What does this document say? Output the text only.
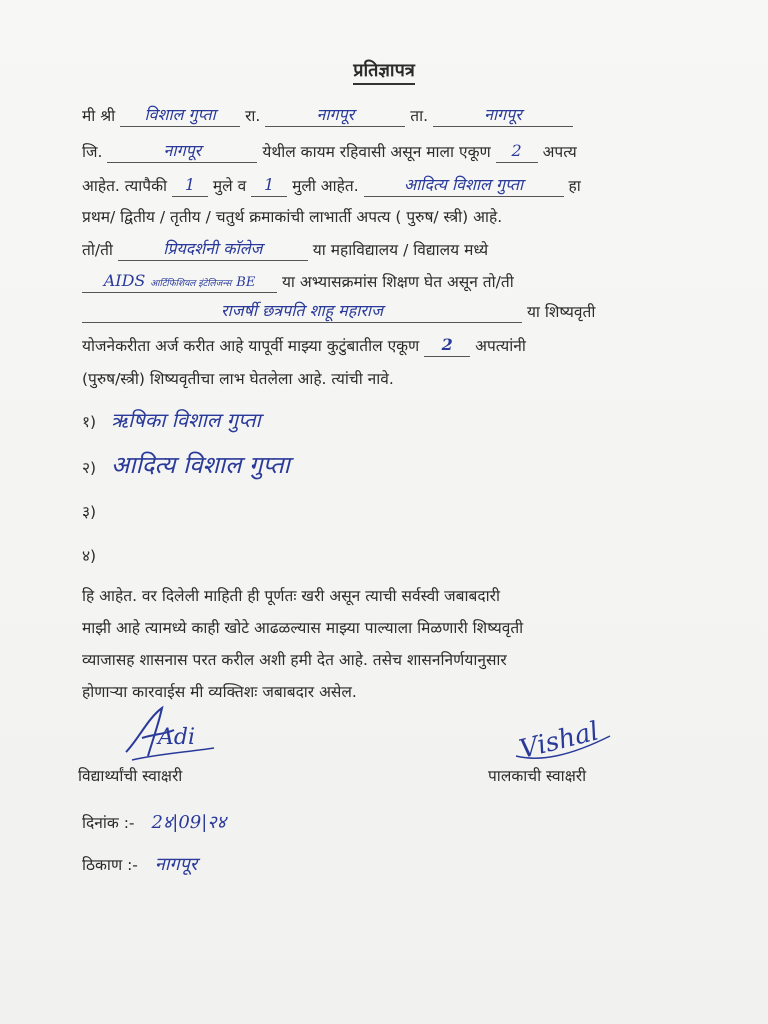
प्रतिज्ञापत्र
मी श्री विशाल गुप्ता रा.	नागपूर	ता.	नागपूर
जि.	नागपूर	येथील कायम रहिवासी असून माला एकूण 2 अपत्य
आहेत. त्यापैकी 1 मुले व 1 मुली आहेत.	आदित्य विशाल गुप्ता	हा
प्रथम/ द्वितीय / तृतीय / चतुर्थ क्रमाकांची लाभार्ती अपत्य ( पुरुष/ स्त्री) आहे.
तो/ती	प्रियदर्शनी कॉलेज	या महाविद्यालय / विद्यालय मध्ये
AIDS आर्टिफिशियल इंटेलिजन्स BE या अभ्यासक्रमांस शिक्षण घेत असून तो/ती
राजर्षी छत्रपति शाहू महाराज	या शिष्यवृती
योजनेकरीता अर्ज करीत आहे यापूर्वी माझ्या कुटुंबातील एकूण 2 अपत्यांनी
(पुरुष/स्त्री) शिष्यवृतीचा लाभ घेतलेला आहे. त्यांची नावे.
१) ऋषिका विशाल गुप्ता
२) आदित्य विशाल गुप्ता
३)
४)
हि आहेत. वर दिलेली माहिती ही पूर्णतः खरी असून त्याची सर्वस्वी जबाबदारी
माझी आहे त्यामध्ये काही खोटे आढळल्यास माझ्या पाल्याला मिळणारी शिष्यवृती
व्याजासह शासनास परत करील अशी हमी देत आहे. तसेच शासननिर्णयानुसार
होणाऱ्या कारवाईस मी व्यक्तिशः जबाबदार असेल.
Adi
विद्यार्थ्यांची स्वाक्षरी
Vishal
पालकाची स्वाक्षरी
दिनांक :- 2४|09|२४
ठिकाण :- नागपूर
